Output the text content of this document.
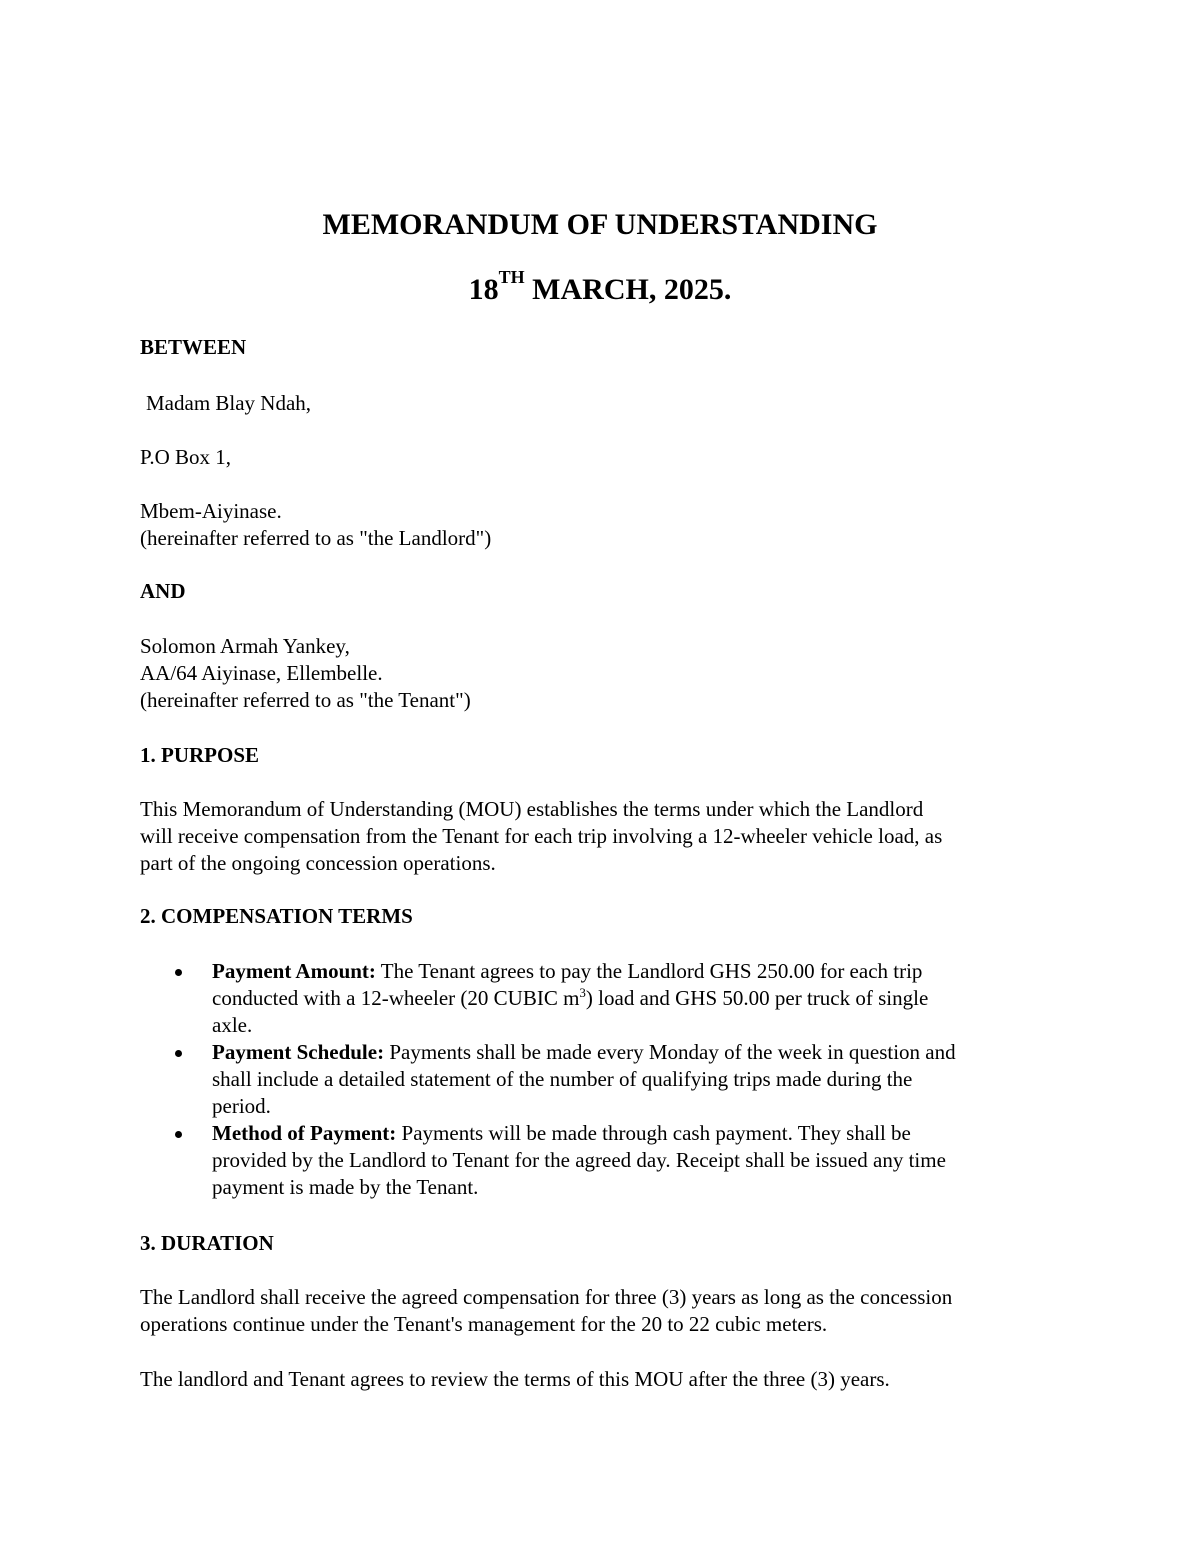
MEMORANDUM OF UNDERSTANDING
18TH MARCH, 2025.

BETWEEN

Madam Blay Ndah,

P.O Box 1,

Mbem-Aiyinase.
(hereinafter referred to as "the Landlord")

AND

Solomon Armah Yankey,
AA/64 Aiyinase, Ellembelle.
(hereinafter referred to as "the Tenant")

1. PURPOSE

This Memorandum of Understanding (MOU) establishes the terms under which the Landlord
will receive compensation from the Tenant for each trip involving a 12-wheeler vehicle load, as
part of the ongoing concession operations.

2. COMPENSATION TERMS

Payment Amount: The Tenant agrees to pay the Landlord GHS 250.00 for each trip
conducted with a 12-wheeler (20 CUBIC $m^3$) load and GHS 50.00 per truck of single
axle.
Payment Schedule: Payments shall be made every Monday of the week in question and
shall include a detailed statement of the number of qualifying trips made during the
period.
Method of Payment: Payments will be made through cash payment. They shall be
provided by the Landlord to Tenant for the agreed day. Receipt shall be issued any time
payment is made by the Tenant.

3. DURATION

The Landlord shall receive the agreed compensation for three (3) years as long as the concession
operations continue under the Tenant's management for the 20 to 22 cubic meters.

The landlord and Tenant agrees to review the terms of this MOU after the three (3) years.
